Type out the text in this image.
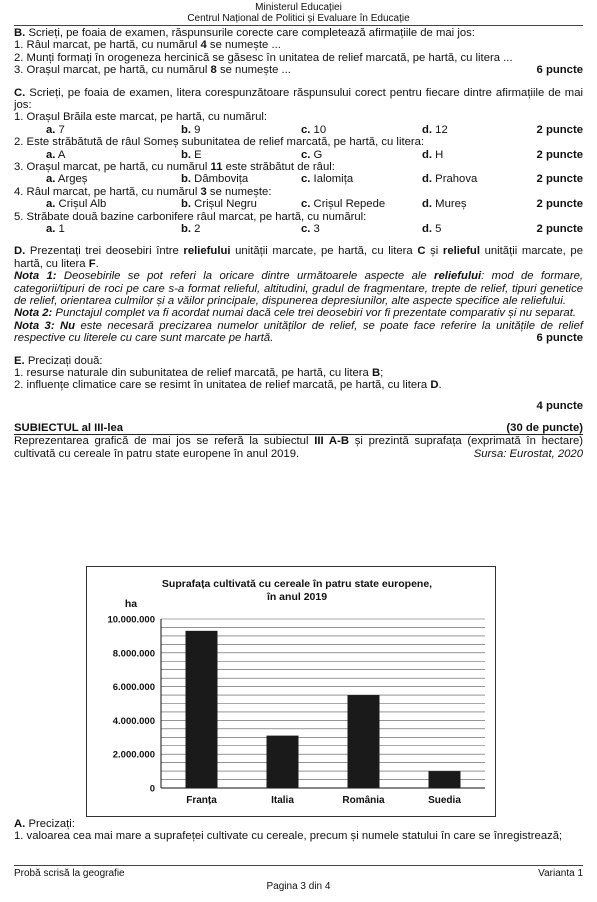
Ministerul Educației
Centrul Național de Politici și Evaluare în Educație
B. Scrieți, pe foaia de examen, răspunsurile corecte care completează afirmațiile de mai jos:
1. Râul marcat, pe hartă, cu numărul 4 se numește ...
2. Munți formați în orogeneza hercinică se găsesc în unitatea de relief marcată, pe hartă, cu litera ...
3. Orașul marcat, pe hartă, cu numărul 8 se numește ...	6 puncte
C. Scrieți, pe foaia de examen, litera corespunzătoare răspunsului corect pentru fiecare dintre afirmațiile de mai jos:
1. Orașul Brăila este marcat, pe hartă, cu numărul:
a. 7	b. 9	c. 10	d. 12	2 puncte
2. Este străbătută de râul Someș subunitatea de relief marcată, pe hartă, cu litera:
a. A	b. E	c. G	d. H	2 puncte
3. Orașul marcat, pe hartă, cu numărul 11 este străbătut de râul:
a. Argeș	b. Dâmbovița	c. Ialomița	d. Prahova	2 puncte
4. Râul marcat, pe hartă, cu numărul 3 se numește:
a. Crișul Alb	b. Crișul Negru	c. Crișul Repede	d. Mureș	2 puncte
5. Străbate două bazine carbonifere râul marcat, pe hartă, cu numărul:
a. 1	b. 2	c. 3	d. 5	2 puncte
D. Prezentați trei deosebiri între reliefului unității marcate, pe hartă, cu litera C și relieful unității marcate, pe hartă, cu litera F.
Nota 1: Deosebirile se pot referi la oricare dintre următoarele aspecte ale reliefului: mod de formare, categorii/tipuri de roci pe care s-a format relieful, altitudini, gradul de fragmentare, trepte de relief, tipuri genetice de relief, orientarea culmilor și a văilor principale, dispunerea depresiunilor, alte aspecte specifice ale reliefului.
Nota 2: Punctajul complet va fi acordat numai dacă cele trei deosebiri vor fi prezentate comparativ și nu separat.
Nota 3: Nu este necesară precizarea numelor unităților de relief, se poate face referire la unitățile de relief respective cu literele cu care sunt marcate pe hartă.	6 puncte
E. Precizați două:
1. resurse naturale din subunitatea de relief marcată, pe hartă, cu litera B;
2. influențe climatice care se resimt în unitatea de relief marcată, pe hartă, cu litera D.
4 puncte
SUBIECTUL al III-lea	(30 de puncte)
Reprezentarea grafică de mai jos se referă la subiectul III A-B și prezintă suprafața (exprimată în hectare) cultivată cu cereale în patru state europene în anul 2019.	Sursa: Eurostat, 2020
Suprafața cultivată cu cereale în patru state europene,
în anul 2019
ha
0
2.000.000
4.000.000
6.000.000
8.000.000
10.000.000
Franța	Italia	România	Suedia
A. Precizați:
1. valoarea cea mai mare a suprafeței cultivate cu cereale, precum și numele statului în care se înregistrează;
Probă scrisă la geografie	Varianta 1
Pagina 3 din 4
